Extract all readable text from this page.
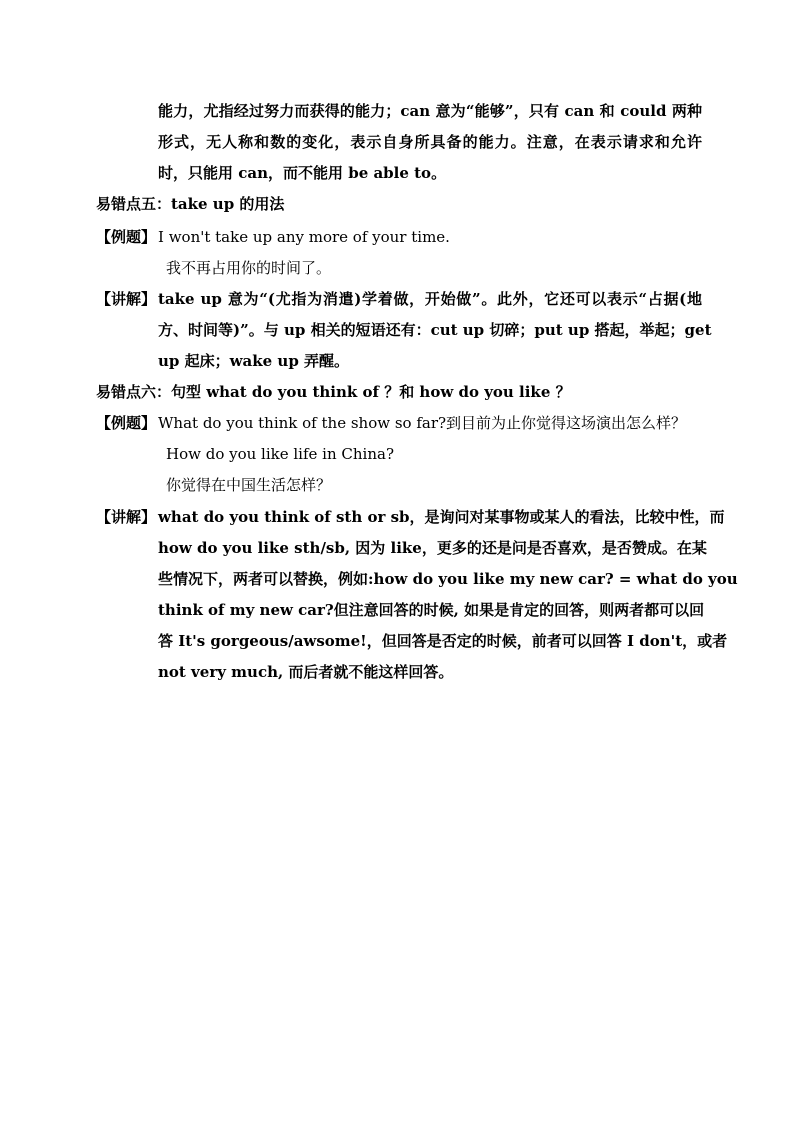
能力，尤指经过努力而获得的能力；can 意为“能够”，只有 can 和 could 两种
形式，无人称和数的变化，表示自身所具备的能力。注意，在表示请求和允许
时，只能用 can，而不能用 be able to。
易错点五：take up 的用法
【例题】 I won't take up any more of your time.
我不再占用你的时间了。
【讲解】 take up 意为“(尤指为消遣)学着做，开始做”。此外，它还可以表示“占据(地
方、时间等)”。与 up 相关的短语还有：cut up 切碎；put up 搭起，举起；get
up 起床；wake up 弄醒。
易错点六：句型 what do you think of ？和 how do you like ？
【例题】 What do you think of the show so far?到目前为止你觉得这场演出怎么样？
How do you like life in China?
你觉得在中国生活怎样？
【讲解】 what do you think of sth or sb，是询问对某事物或某人的看法，比较中性，而
how do you like sth/sb, 因为 like，更多的还是问是否喜欢，是否赞成。在某
些情况下，两者可以替换，例如:how do you like my new car? = what do you
think of my new car?但注意回答的时候, 如果是肯定的回答，则两者都可以回
答 It's gorgeous/awsome!，但回答是否定的时候，前者可以回答 I don't，或者
not very much, 而后者就不能这样回答。
